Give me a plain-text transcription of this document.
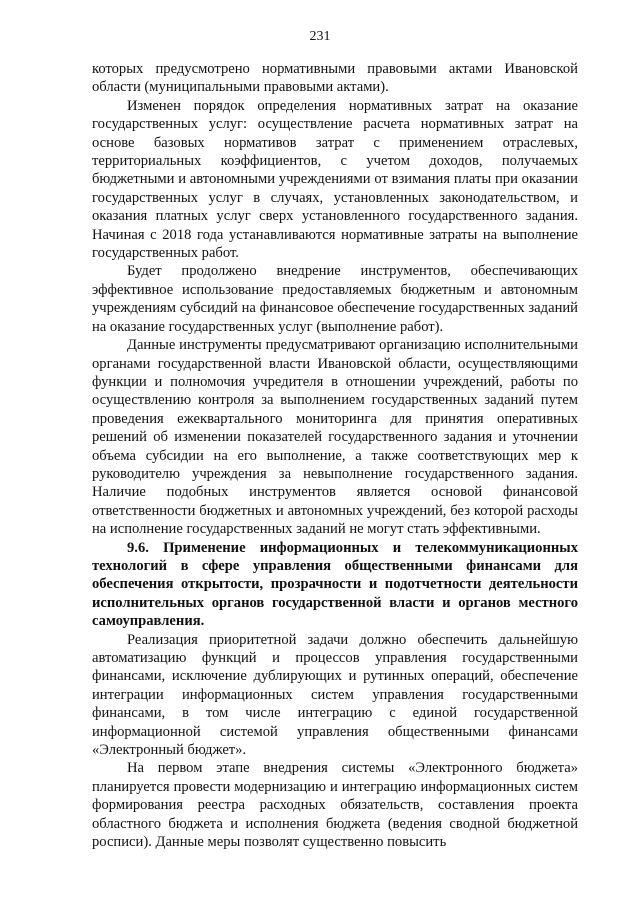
231

которых предусмотрено нормативными правовыми актами Ивановской области (муниципальными правовыми актами).

Изменен порядок определения нормативных затрат на оказание государственных услуг: осуществление расчета нормативных затрат на основе базовых нормативов затрат с применением отраслевых, территориальных коэффициентов, с учетом доходов, получаемых бюджетными и автономными учреждениями от взимания платы при оказании государственных услуг в случаях, установленных законодательством, и оказания платных услуг сверх установленного государственного задания. Начиная с 2018 года устанавливаются нормативные затраты на выполнение государственных работ.

Будет продолжено внедрение инструментов, обеспечивающих эффективное использование предоставляемых бюджетным и автономным учреждениям субсидий на финансовое обеспечение государственных заданий на оказание государственных услуг (выполнение работ).

Данные инструменты предусматривают организацию исполнительными органами государственной власти Ивановской области, осуществляющими функции и полномочия учредителя в отношении учреждений, работы по осуществлению контроля за выполнением государственных заданий путем проведения ежеквартального мониторинга для принятия оперативных решений об изменении показателей государственного задания и уточнении объема субсидии на его выполнение, а также соответствующих мер к руководителю учреждения за невыполнение государственного задания. Наличие подобных инструментов является основой финансовой ответственности бюджетных и автономных учреждений, без которой расходы на исполнение государственных заданий не могут стать эффективными.

9.6. Применение информационных и телекоммуникационных технологий в сфере управления общественными финансами для обеспечения открытости, прозрачности и подотчетности деятельности исполнительных органов государственной власти и органов местного самоуправления.

Реализация приоритетной задачи должно обеспечить дальнейшую автоматизацию функций и процессов управления государственными финансами, исключение дублирующих и рутинных операций, обеспечение интеграции информационных систем управления государственными финансами, в том числе интеграцию с единой государственной информационной системой управления общественными финансами «Электронный бюджет».

На первом этапе внедрения системы «Электронного бюджета» планируется провести модернизацию и интеграцию информационных систем формирования реестра расходных обязательств, составления проекта областного бюджета и исполнения бюджета (ведения сводной бюджетной росписи). Данные меры позволят существенно повысить
